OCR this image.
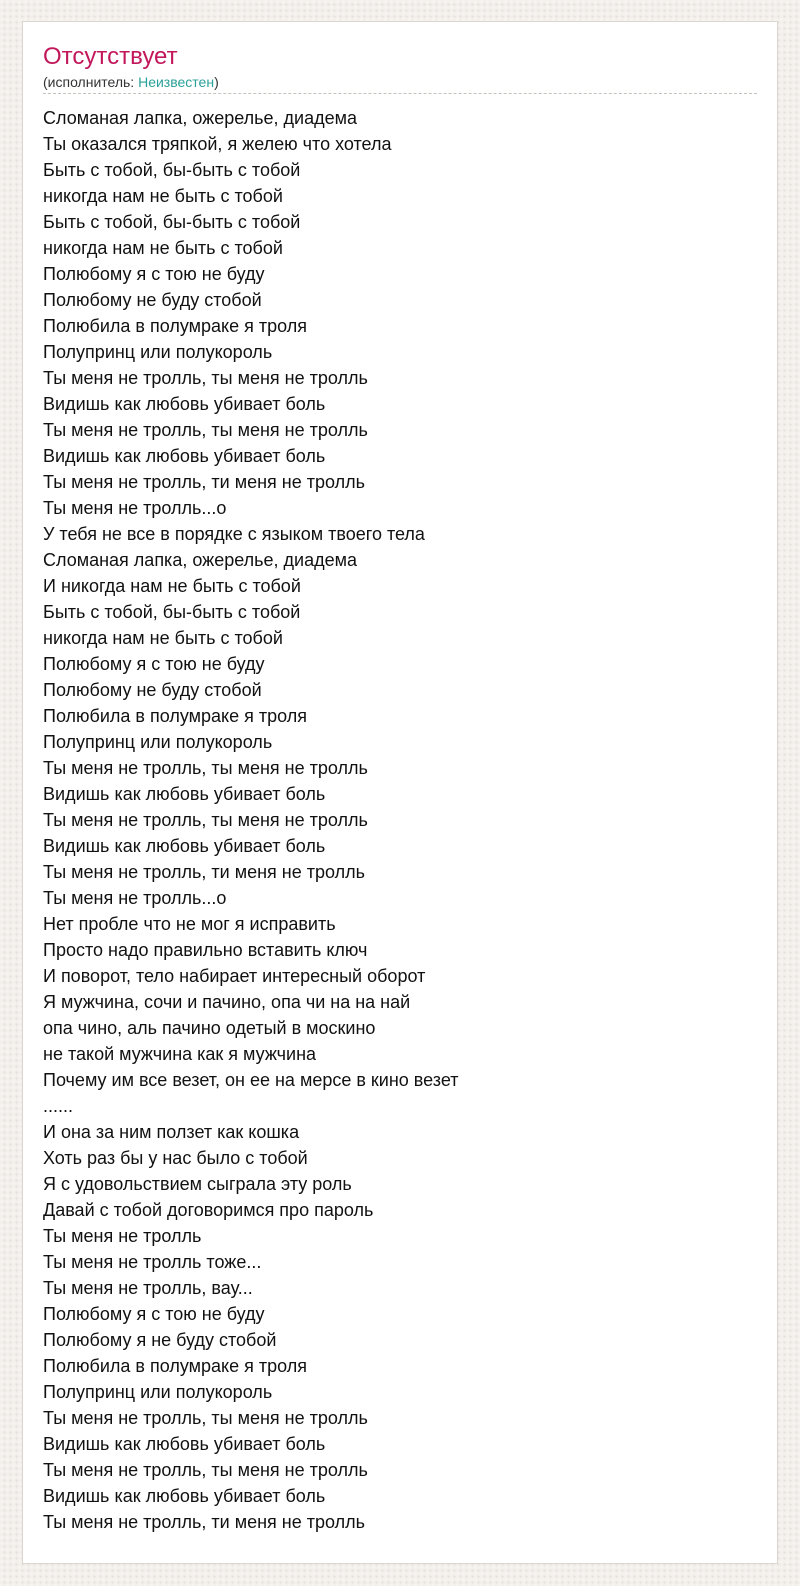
Отсутствует
(исполнитель: Неизвестен)
Сломаная лапка, ожерелье, диадема
Ты оказался тряпкой, я желею что хотела
Быть с тобой, бы-быть с тобой
никогда нам не быть с тобой
Быть с тобой, бы-быть с тобой
никогда нам не быть с тобой
Полюбому я с тою не буду
Полюбому не буду стобой
Полюбила в полумраке я троля
Полупринц или полукороль
Ты меня не тролль, ты меня не тролль
Видишь как любовь убивает боль
Ты меня не тролль, ты меня не тролль
Видишь как любовь убивает боль
Ты меня не тролль, ти меня не тролль
Ты меня не тролль...о
У тебя не все в порядке с языком твоего тела
Сломаная лапка, ожерелье, диадема
И никогда нам не быть с тобой
Быть с тобой, бы-быть с тобой
никогда нам не быть с тобой
Полюбому я с тою не буду
Полюбому не буду стобой
Полюбила в полумраке я троля
Полупринц или полукороль
Ты меня не тролль, ты меня не тролль
Видишь как любовь убивает боль
Ты меня не тролль, ты меня не тролль
Видишь как любовь убивает боль
Ты меня не тролль, ти меня не тролль
Ты меня не тролль...о
Нет пробле что не мог я исправить
Просто надо правильно вставить ключ
И поворот, тело набирает интересный оборот
Я мужчина, сочи и пачино, опа чи на на най
опа чино, аль пачино одетый в москино
не такой мужчина как я мужчина
Почему им все везет, он ее на мерсе в кино везет
......
И она за ним ползет как кошка
Хоть раз бы у нас было с тобой
Я с удовольствием сыграла эту роль
Давай с тобой договоримся про пароль
Ты меня не тролль
Ты меня не тролль тоже...
Ты меня не тролль, вау...
Полюбому я с тою не буду
Полюбому я не буду стобой
Полюбила в полумраке я троля
Полупринц или полукороль
Ты меня не тролль, ты меня не тролль
Видишь как любовь убивает боль
Ты меня не тролль, ты меня не тролль
Видишь как любовь убивает боль
Ты меня не тролль, ти меня не тролль
